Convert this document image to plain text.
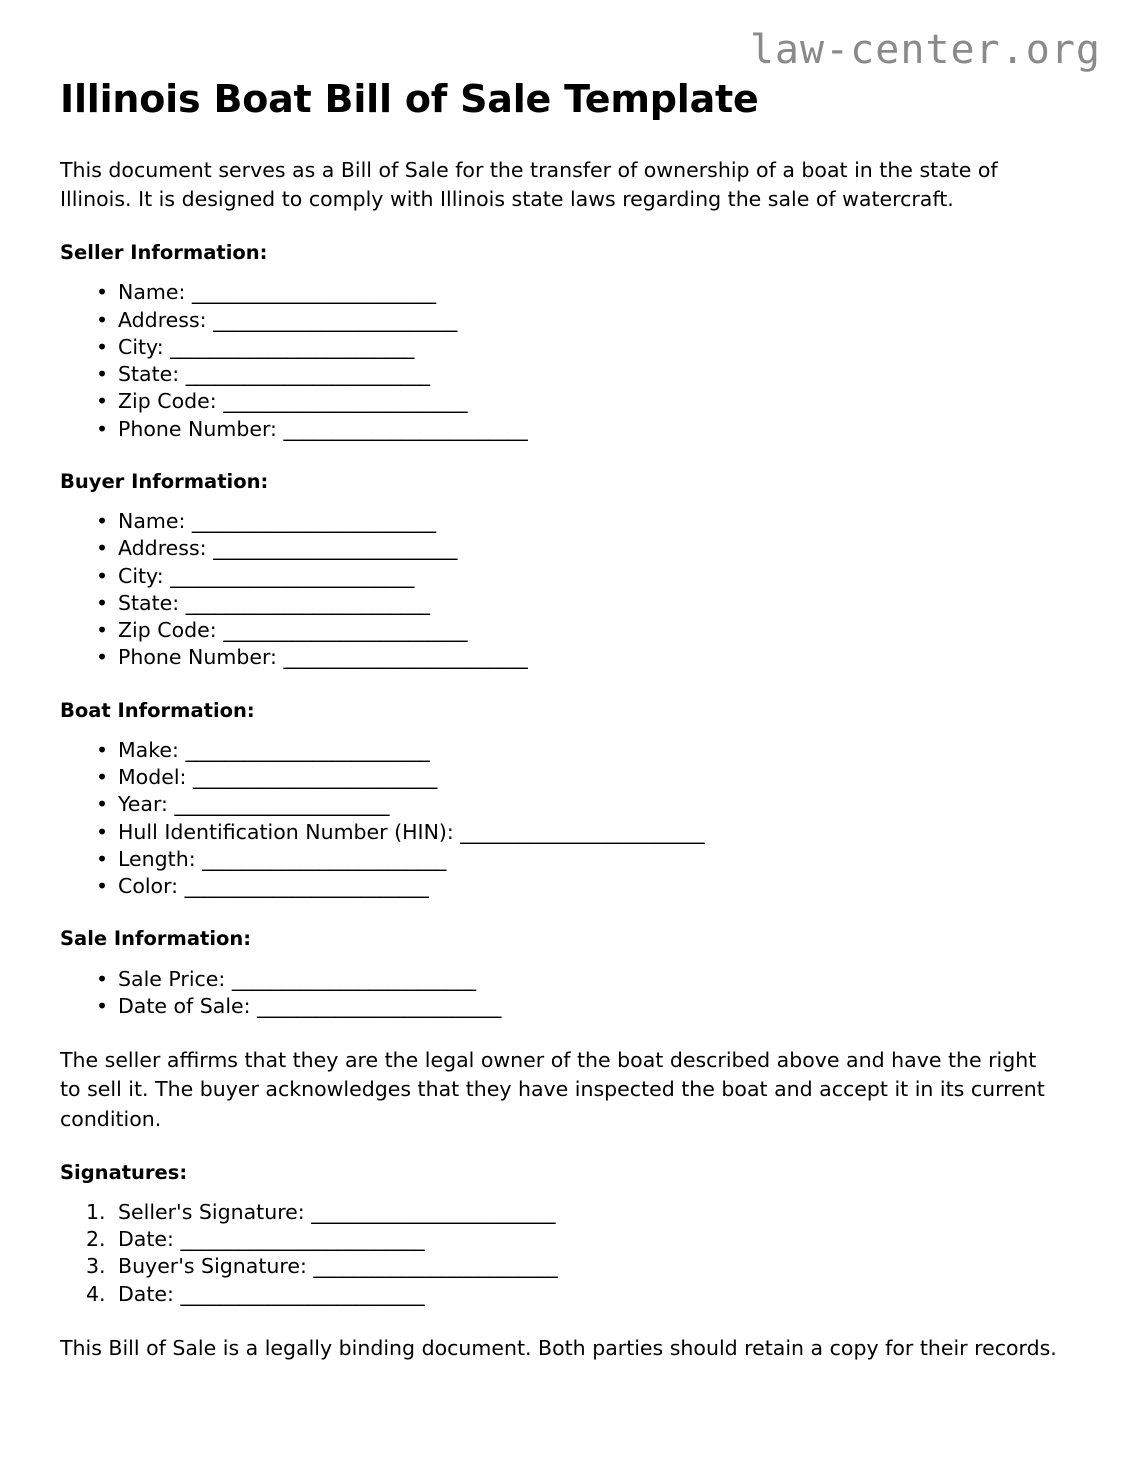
law-center.org
Illinois Boat Bill of Sale Template

This document serves as a Bill of Sale for the transfer of ownership of a boat in the state of Illinois. It is designed to comply with Illinois state laws regarding the sale of watercraft.

Seller Information:
• Name: _________________________
• Address: _________________________
• City: _________________________
• State: _________________________
• Zip Code: _________________________
• Phone Number: _________________________
Buyer Information:
• Name: _________________________
• Address: _________________________
• City: _________________________
• State: _________________________
• Zip Code: _________________________
• Phone Number: _________________________
Boat Information:
• Make: _________________________
• Model: _________________________
• Year: ______________________
• Hull Identification Number (HIN): _________________________
• Length: _________________________
• Color: _________________________
Sale Information:
• Sale Price: _________________________
• Date of Sale: _________________________

The seller affirms that they are the legal owner of the boat described above and have the right to sell it. The buyer acknowledges that they have inspected the boat and accept it in its current condition.

Signatures:
Seller's Signature: _________________________
Date: _________________________
Buyer's Signature: _________________________
Date: _________________________

This Bill of Sale is a legally binding document. Both parties should retain a copy for their records.
